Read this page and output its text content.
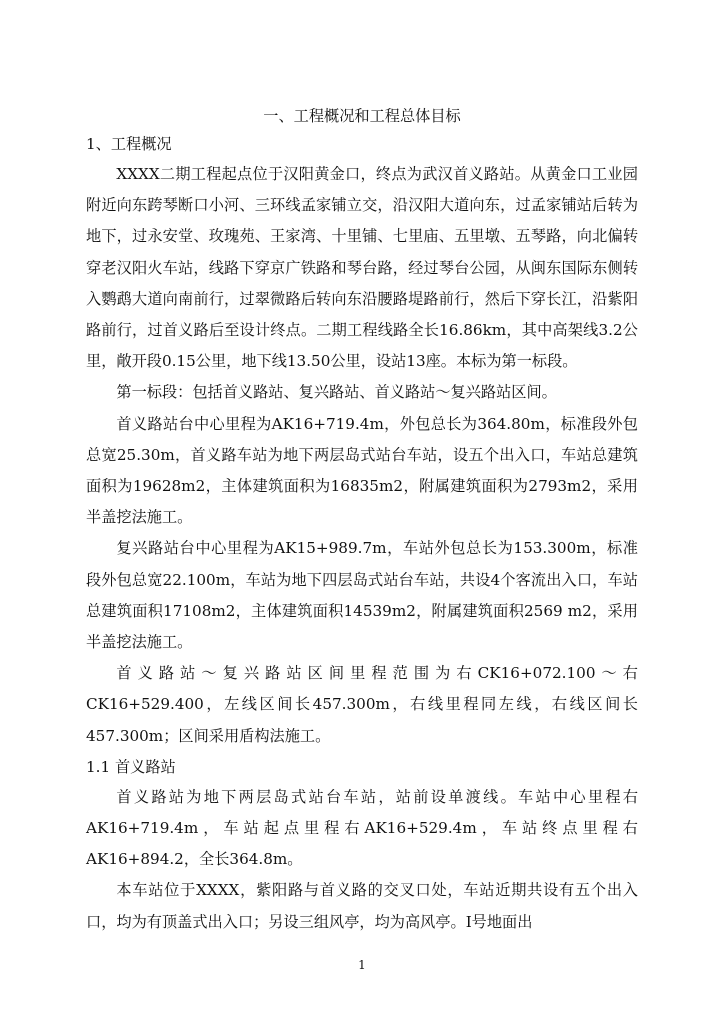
一、工程概况和工程总体目标
1、工程概况

XXXX二期工程起点位于汉阳黄金口，终点为武汉首义路站。从黄金口工业园附近向东跨琴断口小河、三环线孟家铺立交，沿汉阳大道向东，过孟家铺站后转为地下，过永安堂、玫瑰苑、王家湾、十里铺、七里庙、五里墩、五琴路，向北偏转穿老汉阳火车站，线路下穿京广铁路和琴台路，经过琴台公园，从闽东国际东侧转入鹦鹉大道向南前行，过翠微路后转向东沿腰路堤路前行，然后下穿长江，沿紫阳路前行，过首义路后至设计终点。二期工程线路全长16.86km，其中高架线3.2公里，敞开段0.15公里，地下线13.50公里，设站13座。本标为第一标段。

第一标段：包括首义路站、复兴路站、首义路站～复兴路站区间。

首义路站台中心里程为AK16+719.4m，外包总长为364.80m，标准段外包总宽25.30m，首义路车站为地下两层岛式站台车站，设五个出入口，车站总建筑面积为19628m2，主体建筑面积为16835m2，附属建筑面积为2793m2，采用半盖挖法施工。

复兴路站台中心里程为AK15+989.7m，车站外包总长为153.300m，标准段外包总宽22.100m，车站为地下四层岛式站台车站，共设4个客流出入口，车站总建筑面积17108m2，主体建筑面积14539m2，附属建筑面积2569 m2，采用半盖挖法施工。

首义路站～复兴路站区间里程范围为右CK16+072.100～右CK16+529.400，左线区间长457.300m，右线里程同左线，右线区间长457.300m；区间采用盾构法施工。

1.1 首义路站

首义路站为地下两层岛式站台车站，站前设单渡线。车站中心里程右AK16+719.4m，车站起点里程右AK16+529.4m，车站终点里程右AK16+894.2，全长364.8m。

本车站位于XXXX，紫阳路与首义路的交叉口处，车站近期共设有五个出入口，均为有顶盖式出入口；另设三组风亭，均为高风亭。Ⅰ号地面出

1
